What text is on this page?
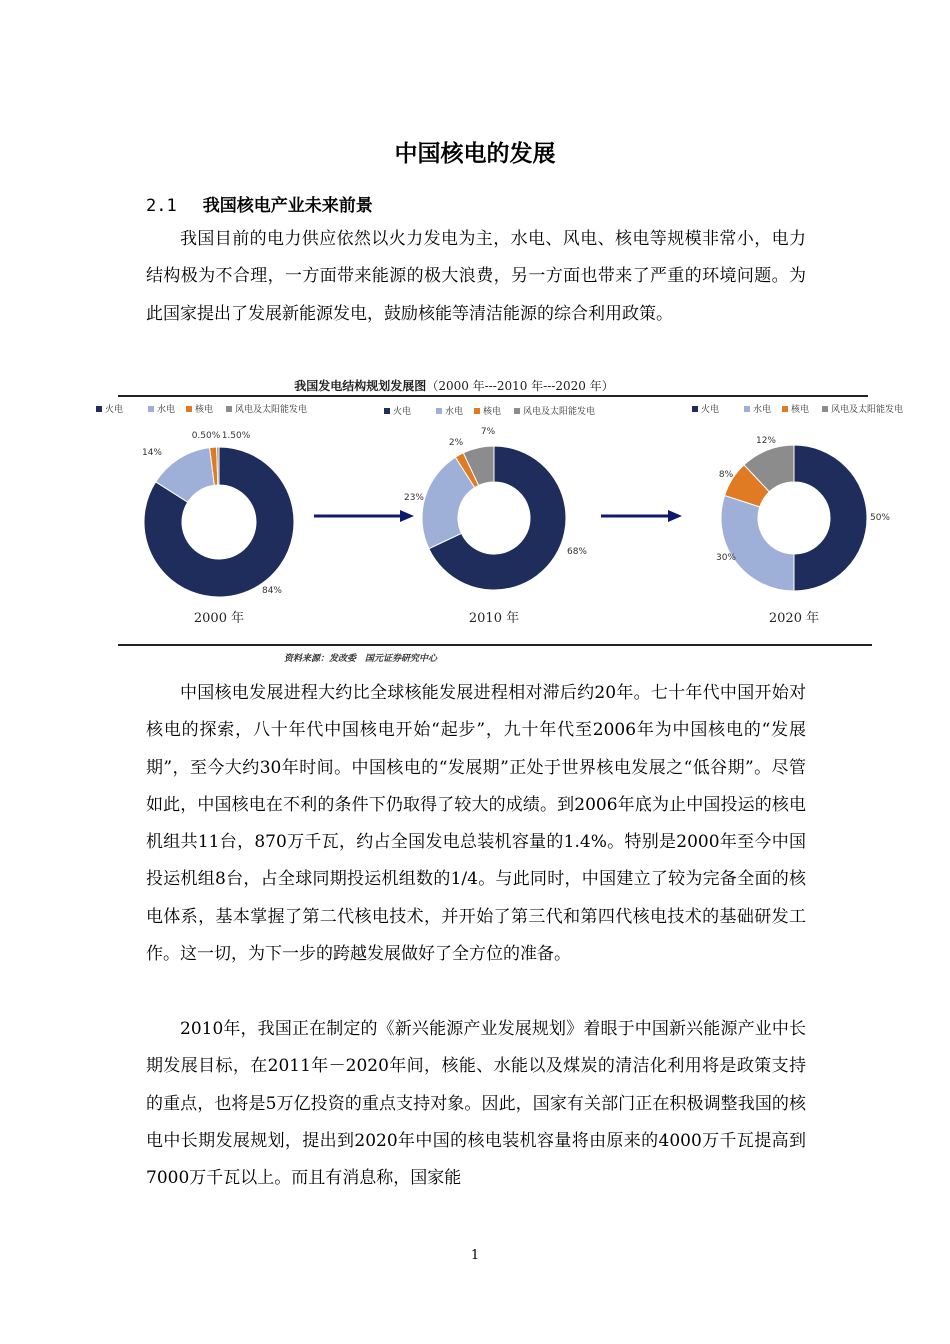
中国核电的发展
2.1 我国核电产业未来前景

我国目前的电力供应依然以火力发电为主，水电、风电、核电等规模非常小，电力结构极为不合理，一方面带来能源的极大浪费，另一方面也带来了严重的环境问题。为此国家提出了发展新能源发电，鼓励核能等清洁能源的综合利用政策。

我国发电结构规划发展图（2000 年---2010 年---2020 年）
火电	水电 核电 风电及太阳能发电
84%
14%
1.50%
0.50%
2000 年
火电	水电 核电 风电及太阳能发电
68%
23%
2%
7%
2010 年
火电	水电 核电 风电及太阳能发电
50%
30%
8%
12%
2020 年
资料来源：发改委　国元证券研究中心

中国核电发展进程大约比全球核能发展进程相对滞后约20年。七十年代中国开始对核电的探索，八十年代中国核电开始“起步”，九十年代至2006年为中国核电的“发展期”，至今大约30年时间。中国核电的“发展期”正处于世界核电发展之“低谷期”。尽管如此，中国核电在不利的条件下仍取得了较大的成绩。到2006年底为止中国投运的核电机组共11台，870万千瓦，约占全国发电总装机容量的1.4%。特别是2000年至今中国投运机组8台，占全球同期投运机组数的1/4。与此同时，中国建立了较为完备全面的核电体系，基本掌握了第二代核电技术，并开始了第三代和第四代核电技术的基础研发工作。这一切，为下一步的跨越发展做好了全方位的准备。

2010年，我国正在制定的《新兴能源产业发展规划》着眼于中国新兴能源产业中长期发展目标，在2011年－2020年间，核能、水能以及煤炭的清洁化利用将是政策支持的重点，也将是5万亿投资的重点支持对象。因此，国家有关部门正在积极调整我国的核电中长期发展规划，提出到2020年中国的核电装机容量将由原来的4000万千瓦提高到7000万千瓦以上。而且有消息称，国家能

1
